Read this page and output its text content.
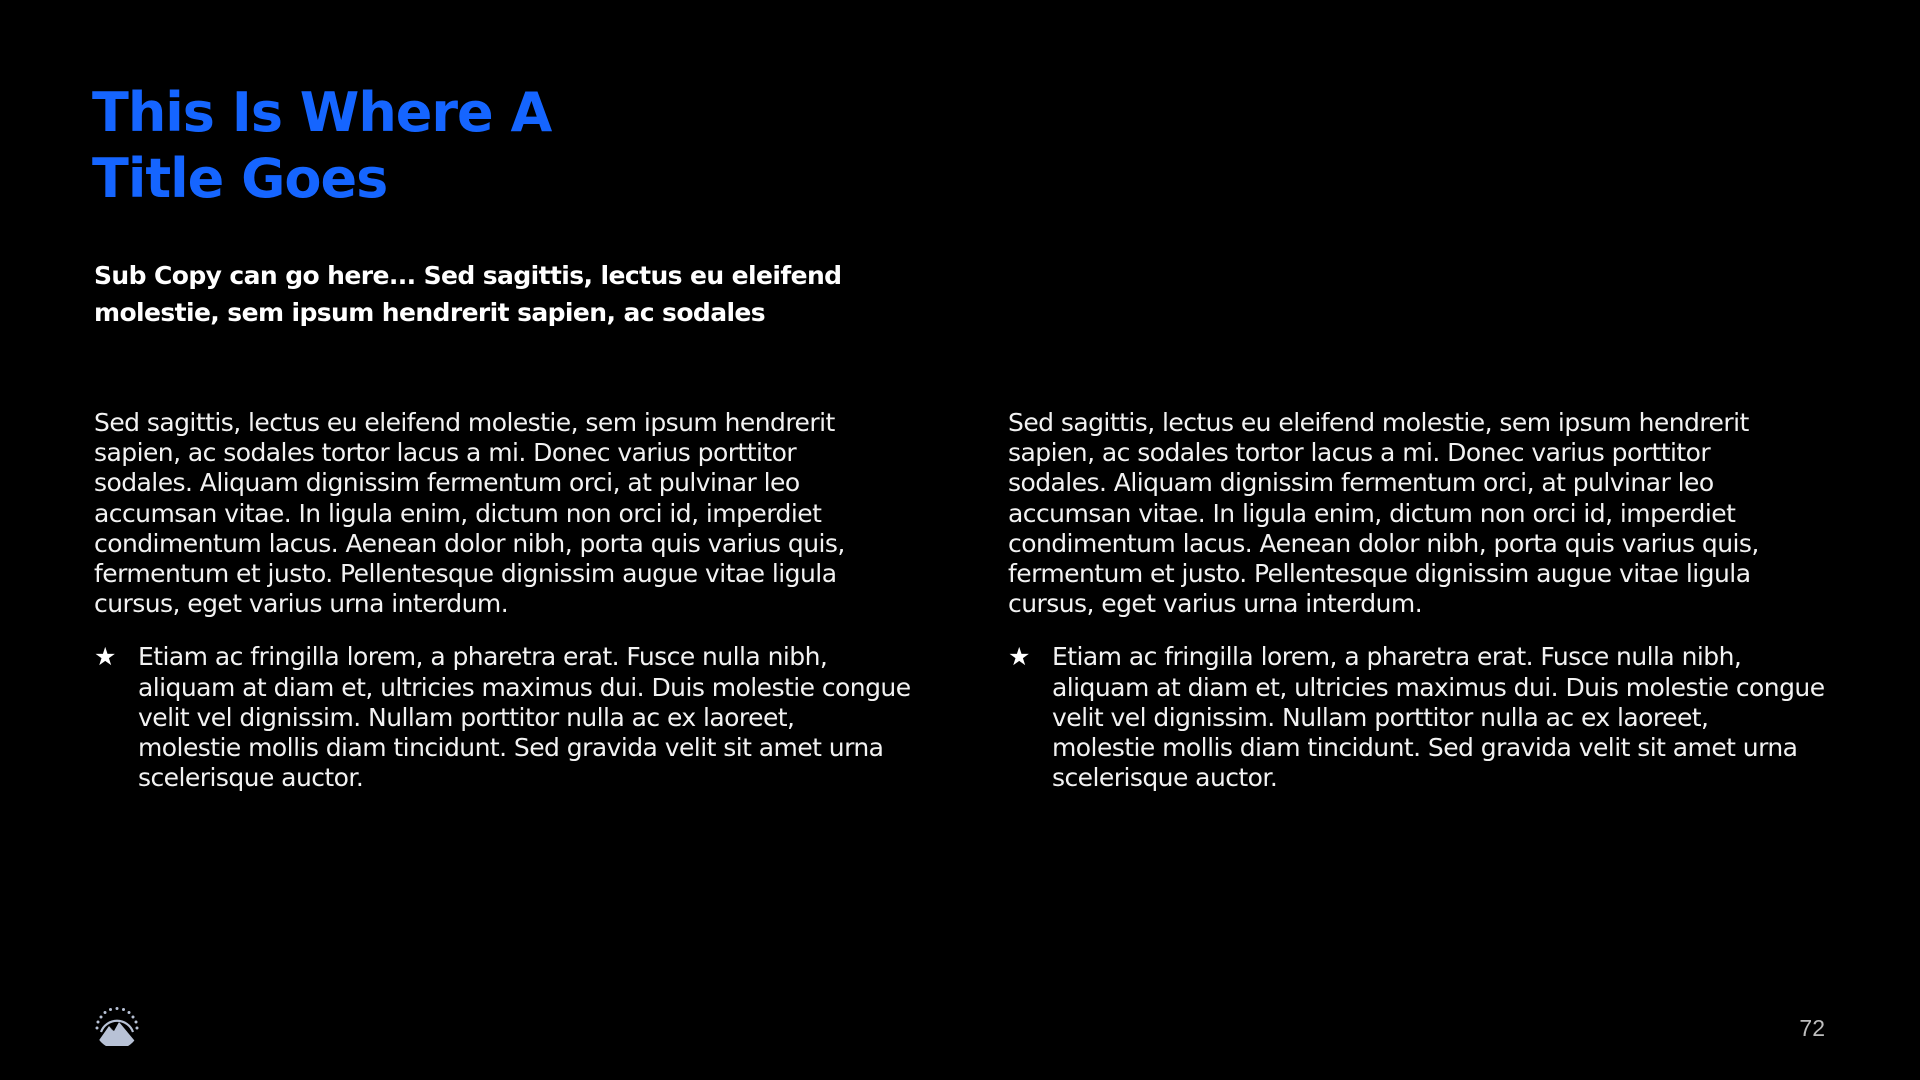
This Is Where A
Title Goes

Sub Copy can go here... Sed sagittis, lectus eu eleifend
molestie, sem ipsum hendrerit sapien, ac sodales

Sed sagittis, lectus eu eleifend molestie, sem ipsum hendrerit
sapien, ac sodales tortor lacus a mi. Donec varius porttitor
sodales. Aliquam dignissim fermentum orci, at pulvinar leo
accumsan vitae. In ligula enim, dictum non orci id, imperdiet
condimentum lacus. Aenean dolor nibh, porta quis varius quis,
fermentum et justo. Pellentesque dignissim augue vitae ligula
cursus, eget varius urna interdum.

★ Etiam ac fringilla lorem, a pharetra erat. Fusce nulla nibh,
aliquam at diam et, ultricies maximus dui. Duis molestie congue
velit vel dignissim. Nullam porttitor nulla ac ex laoreet,
molestie mollis diam tincidunt. Sed gravida velit sit amet urna
scelerisque auctor.

Sed sagittis, lectus eu eleifend molestie, sem ipsum hendrerit
sapien, ac sodales tortor lacus a mi. Donec varius porttitor
sodales. Aliquam dignissim fermentum orci, at pulvinar leo
accumsan vitae. In ligula enim, dictum non orci id, imperdiet
condimentum lacus. Aenean dolor nibh, porta quis varius quis,
fermentum et justo. Pellentesque dignissim augue vitae ligula
cursus, eget varius urna interdum.

★ Etiam ac fringilla lorem, a pharetra erat. Fusce nulla nibh,
aliquam at diam et, ultricies maximus dui. Duis molestie congue
velit vel dignissim. Nullam porttitor nulla ac ex laoreet,
molestie mollis diam tincidunt. Sed gravida velit sit amet urna
scelerisque auctor.
72
